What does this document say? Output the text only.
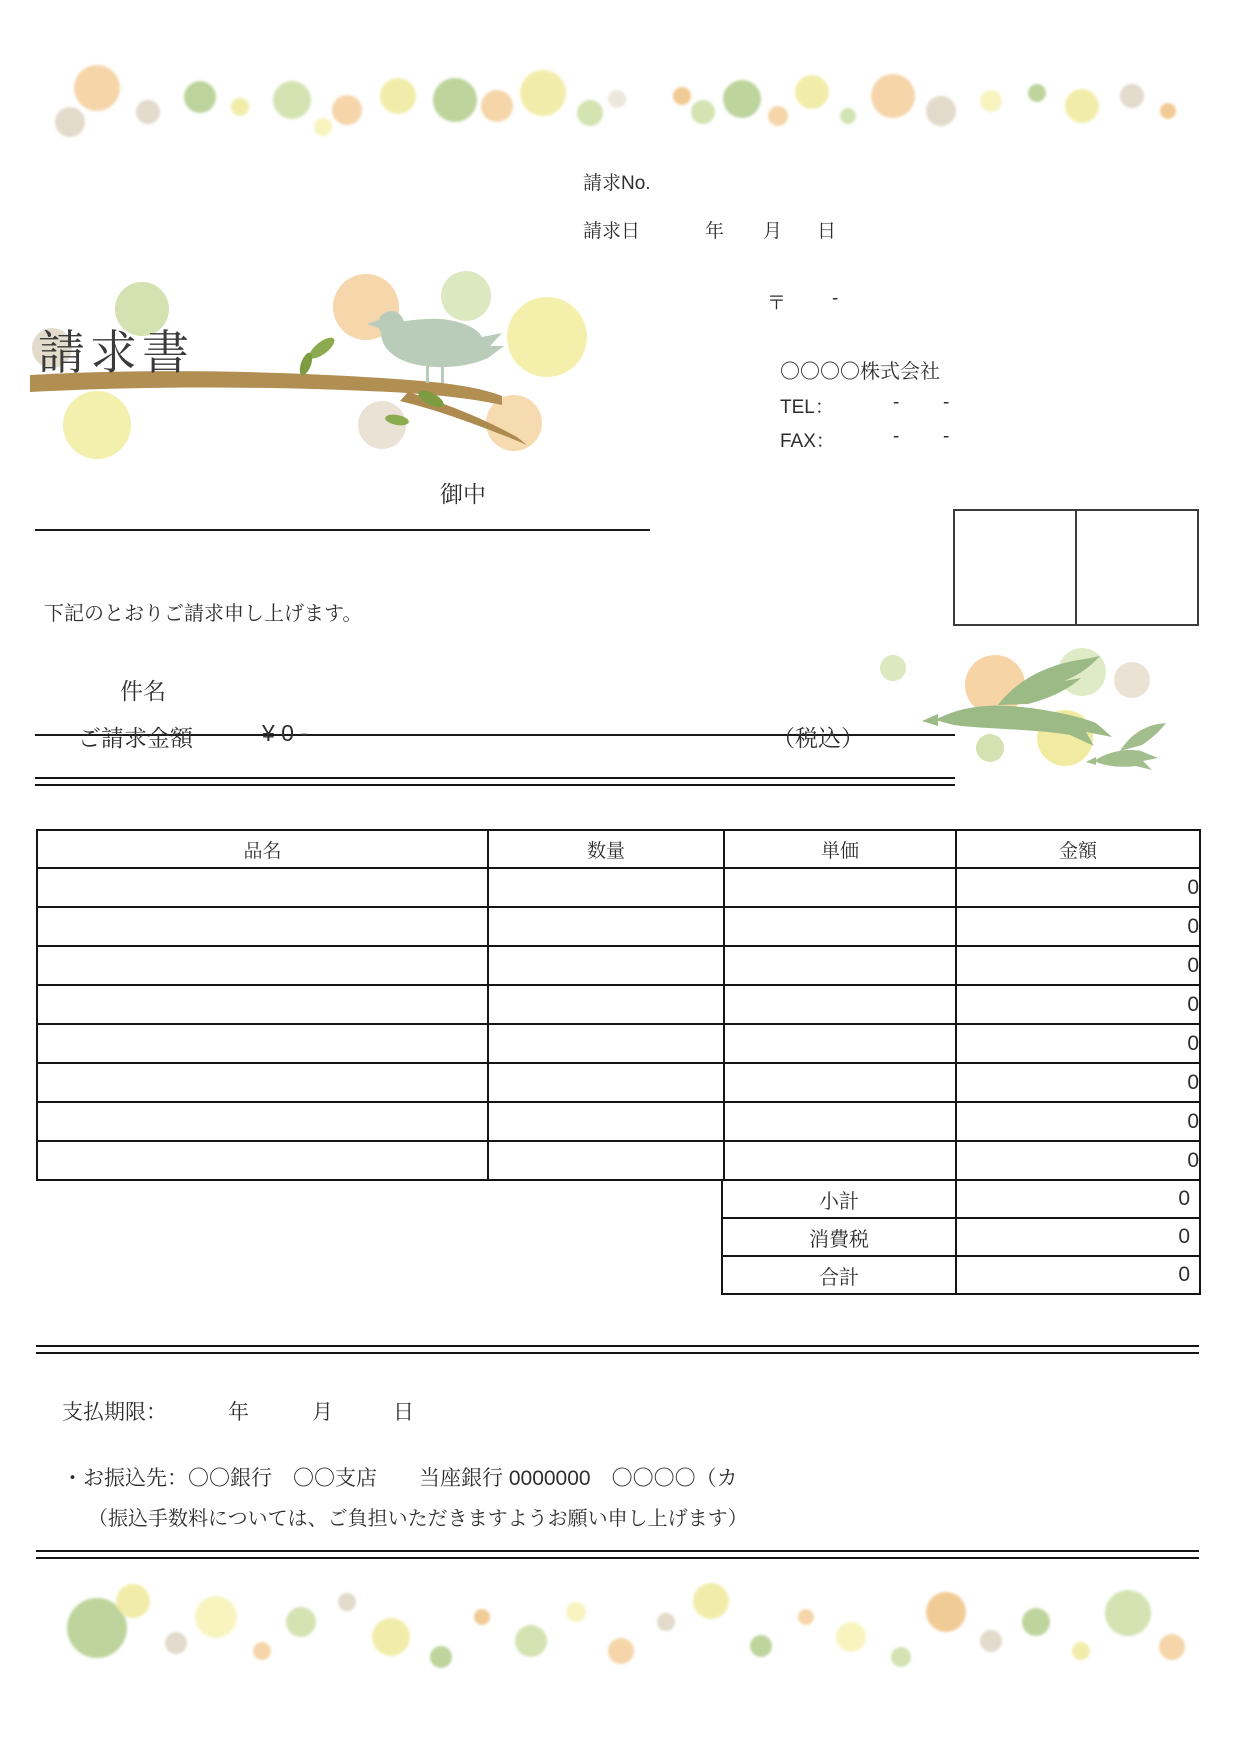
請求No.
請求日	年 月 日
請求書
〒 -
〇〇〇〇株式会社
TEL：	- -
FAX：	- -
御中
下記のとおりご請求申し上げます。
件名
ご請求金額	¥ 0 -	（税込）
品名	数量	単価	金額
			0
			0
			0
			0
			0
			0
			0
			0
小計	0
消費税	0
合計	0
支払期限：	年	月	日
・お振込先：〇〇銀行　〇〇支店　　当座銀行 0000000　〇〇〇〇（カ
（振込手数料については、ご負担いただきますようお願い申し上げます）
